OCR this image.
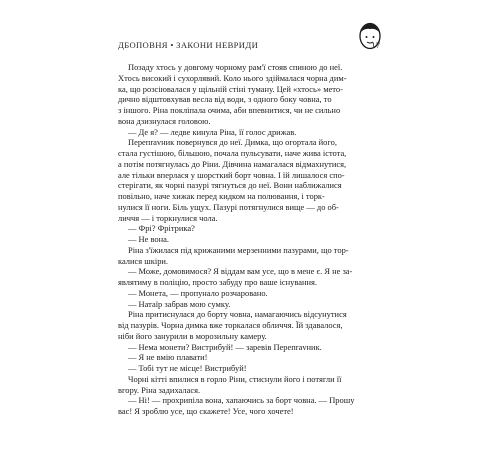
ДБОПОВНЯ • ЗАКОНИ НЕВРИДИ	17
Позаду хтось у довгому чорному рам'ї стояв спиною до неї.
Хтось високий і сухорлявий. Коло нього здіймалася чорна дим-
ка, що розсіювалася у щільній стіні туману. Цей «хтось» мето-
дично відштовхував весла від води, з одного боку човна, то
з іншого. Ріна покліпала очима, аби впевнитися, чи не сильно
вона дзизнулася головою.
— Де я? — ледве кинула Ріна, її голос дрижав.
Перепravник повернувся до неї. Димка, що огортала його,
стала густішою, більшою, почала пульсувати, наче жива істота,
а потім потягнулась до Ріни. Дівчина намагалася відмахнутися,
але тільки вперлася у шорсткий борт човна. І їй лишалося спо-
стерігати, як чорні пазурі тягнуться до неї. Вони наближалися
повільно, наче хижак перед кидком на полювання, і торк-
нулися її ноги. Біль ущух. Пазурі потягнулися вище — до об-
личчя — і торкнулися чола.
— Фрі? Фрітрика?
— Не вона.
Ріна з'їжилася під крижаними мерзенними пазурами, що тор-
калися шкіри.
— Може, домовимося? Я віддам вам усе, що в мене є. Я не за-
являтиму в поліцію, просто забуду про ваше існування.
— Монета, — пропунало розчаровано.
— Натаїр забрав мою сумку.
Ріна притиснулася до борту човна, намагаючись відсунутися
від пазурів. Чорна димка вже торкалася обличчя. Їй здавалося,
ніби його занурили в морозильну камеру.
— Нема монети? Вистрибуй! — заревів Перепravник.
— Я не вмію плавати!
— Тобі тут не місце! Вистрибуй!
Чорні кітті впилися в горло Ріни, стиснули його і потягли її
вгору. Ріна задихалася.
— Ні! — прохрипіла вона, хапаючись за борт човна. — Прошу
вас! Я зроблю усе, що скажете! Усе, чого хочете!
